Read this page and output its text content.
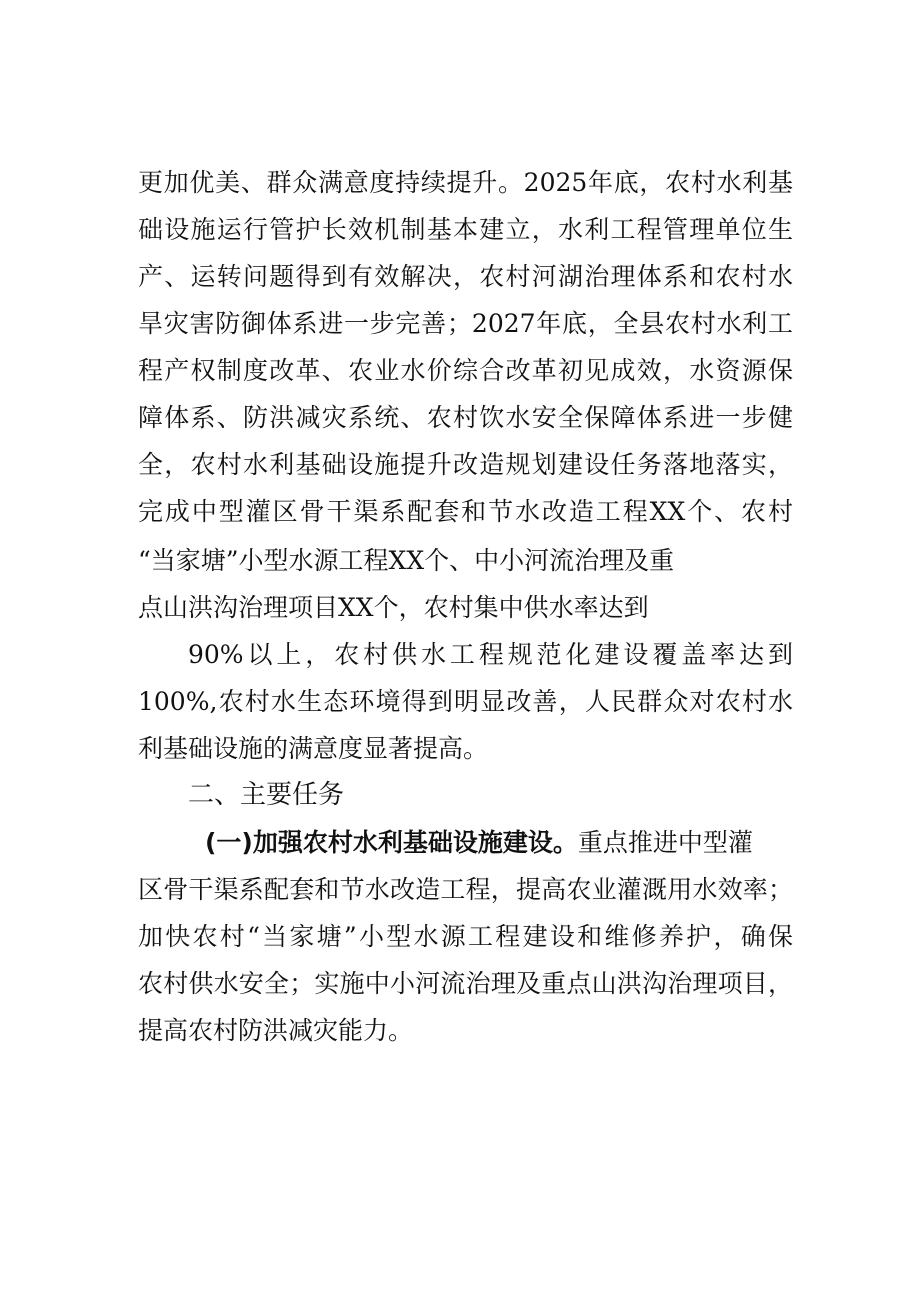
更加优美、群众满意度持续提升。2025年底，农村水利基
础设施运行管护长效机制基本建立，水利工程管理单位生
产、运转问题得到有效解决，农村河湖治理体系和农村水
旱灾害防御体系进一步完善；2027年底，全县农村水利工
程产权制度改革、农业水价综合改革初见成效，水资源保
障体系、防洪减灾系统、农村饮水安全保障体系进一步健
全，农村水利基础设施提升改造规划建设任务落地落实，
完成中型灌区骨干渠系配套和节水改造工程XX个、农村
“当家塘”小型水源工程XX个、中小河流治理及重
点山洪沟治理项目XX个，农村集中供水率达到
90%以上，农村供水工程规范化建设覆盖率达到
100%,农村水生态环境得到明显改善，人民群众对农村水
利基础设施的满意度显著提高。
二、主要任务
(一)加强农村水利基础设施建设。重点推进中型灌
区骨干渠系配套和节水改造工程，提高农业灌溉用水效率；
加快农村“当家塘”小型水源工程建设和维修养护，确保
农村供水安全；实施中小河流治理及重点山洪沟治理项目，
提高农村防洪减灾能力。
